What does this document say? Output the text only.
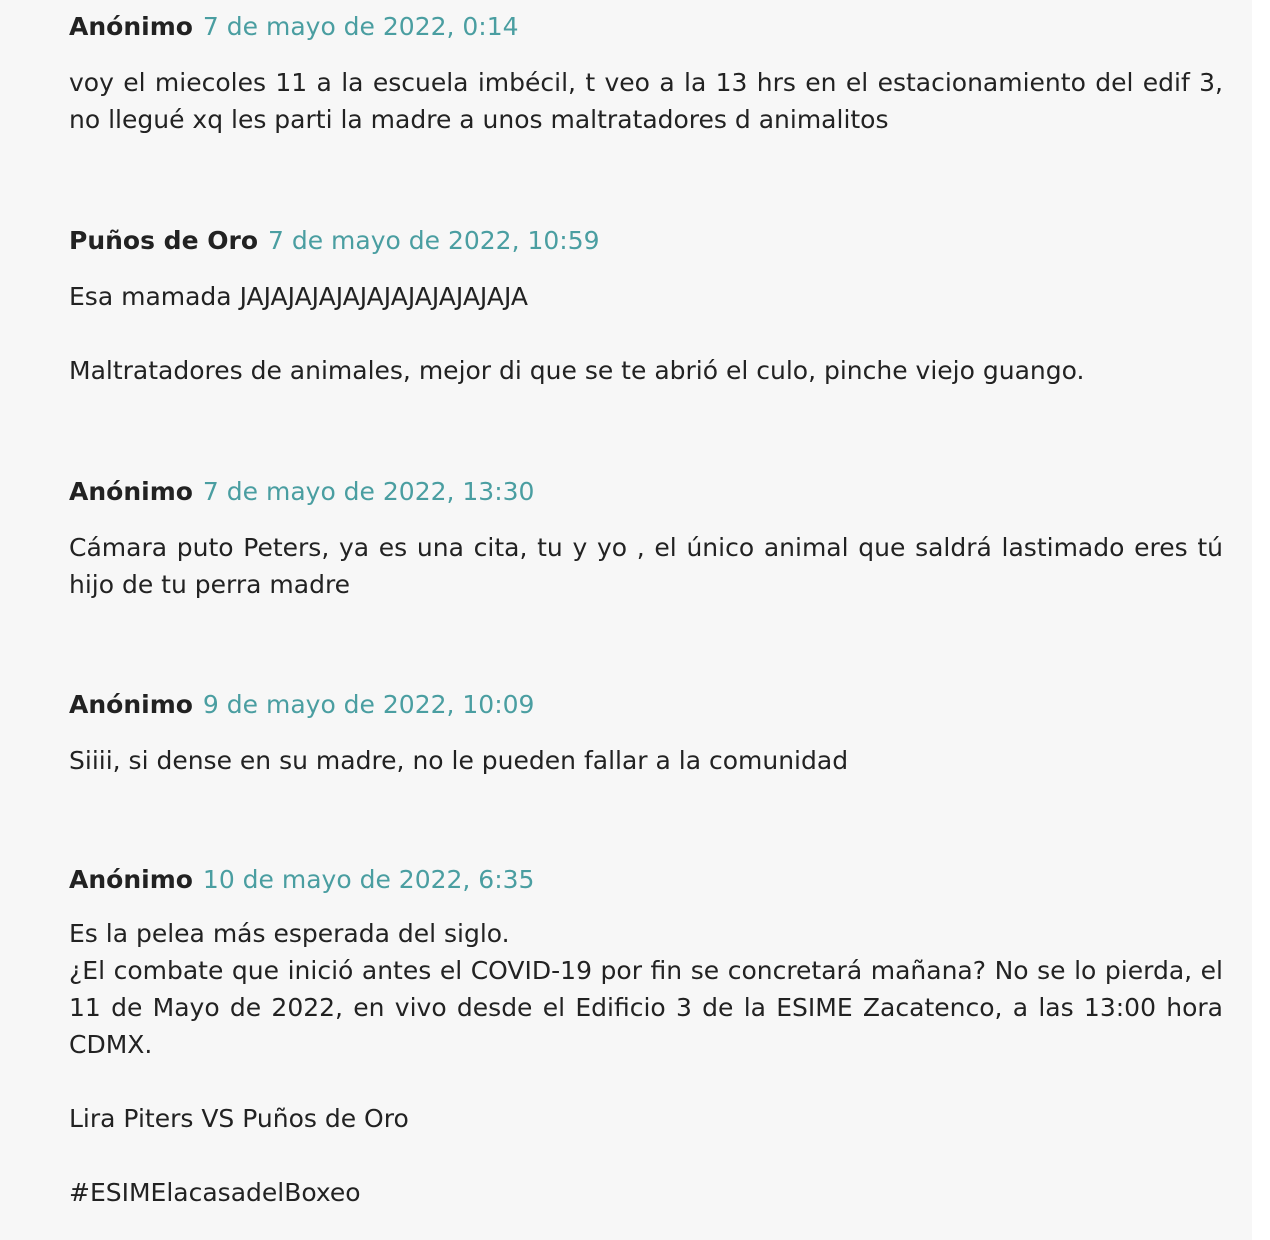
Anónimo 7 de mayo de 2022, 0:14

voy el miecoles 11 a la escuela imbécil, t veo a la 13 hrs en el estacionamiento del edif 3, no llegué xq les parti la madre a unos maltratadores d animalitos

Puños de Oro 7 de mayo de 2022, 10:59

Esa mamada JAJAJAJAJAJAJAJAJAJAJAJA

Maltratadores de animales, mejor di que se te abrió el culo, pinche viejo guango.

Anónimo 7 de mayo de 2022, 13:30

Cámara puto Peters, ya es una cita, tu y yo , el único animal que saldrá lastimado eres tú hijo de tu perra madre

Anónimo 9 de mayo de 2022, 10:09

Siiii, si dense en su madre, no le pueden fallar a la comunidad

Anónimo 10 de mayo de 2022, 6:35

Es la pelea más esperada del siglo.

¿El combate que inició antes el COVID-19 por fin se concretará mañana? No se lo pierda, el 11 de Mayo de 2022, en vivo desde el Edificio 3 de la ESIME Zacatenco, a las 13:00 hora CDMX.

Lira Piters VS Puños de Oro

#ESIMElacasadelBoxeo
